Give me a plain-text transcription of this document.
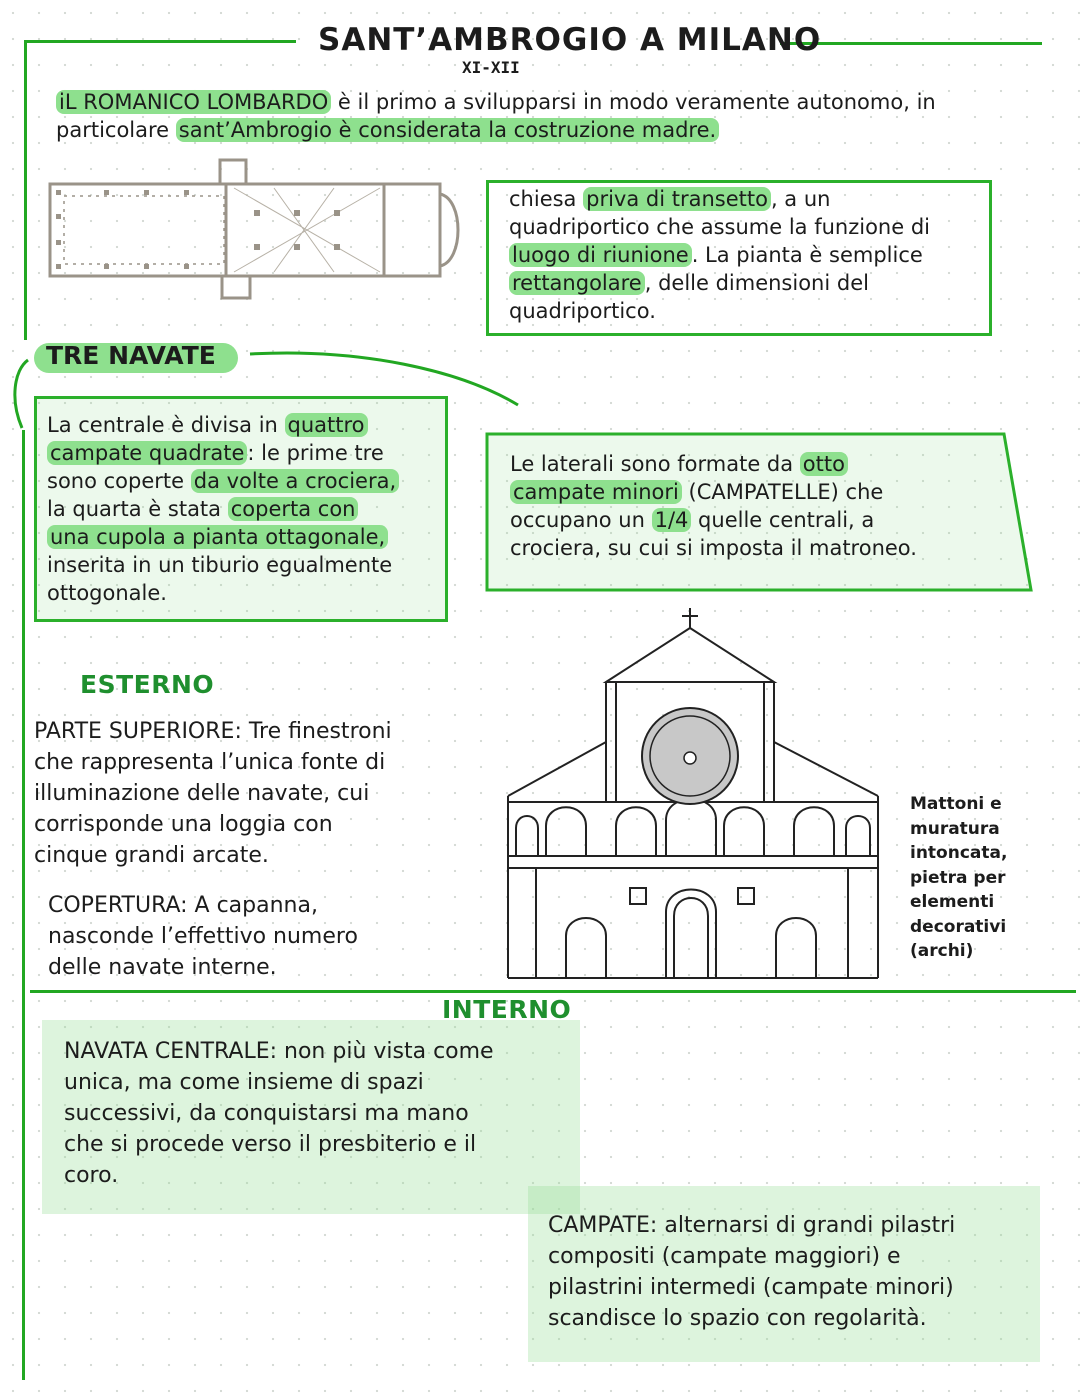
SANT’AMBROGIO A MILANO
XI-XII
iL ROMANICO LOMBARDO è il primo a svilupparsi in modo veramente autonomo, in
particolare sant’Ambrogio è considerata la costruzione madre.
chiesa priva di transetto , a un
quadriportico che assume la funzione di
luogo di riunione . La pianta è semplice
rettangolare , delle dimensioni del
quadriportico.
TRE NAVATE
La centrale è divisa in quattro
campate quadrate : le prime tre
sono coperte da volte a crociera,
la quarta è stata coperta con
una cupola a pianta ottagonale,
inserita in un tiburio egualmente
ottogonale.
Le laterali sono formate da otto
campate minori (CAMPATELLE) che
occupano un 1/4 quelle centrali, a
crociera, su cui si imposta il matroneo.
ESTERNO
PARTE SUPERIORE: Tre finestroni
che rappresenta l’unica fonte di
illuminazione delle navate, cui
corrisponde una loggia con
cinque grandi arcate.
COPERTURA: A capanna,
nasconde l’effettivo numero
delle navate interne.
Mattoni e
muratura
intoncata,
pietra per
elementi
decorativi
(archi)
INTERNO
NAVATA CENTRALE: non più vista come
unica, ma come insieme di spazi
successivi, da conquistarsi ma mano
che si procede verso il presbiterio e il
coro.
CAMPATE: alternarsi di grandi pilastri
compositi (campate maggiori) e
pilastrini intermedi (campate minori)
scandisce lo spazio con regolarità.
